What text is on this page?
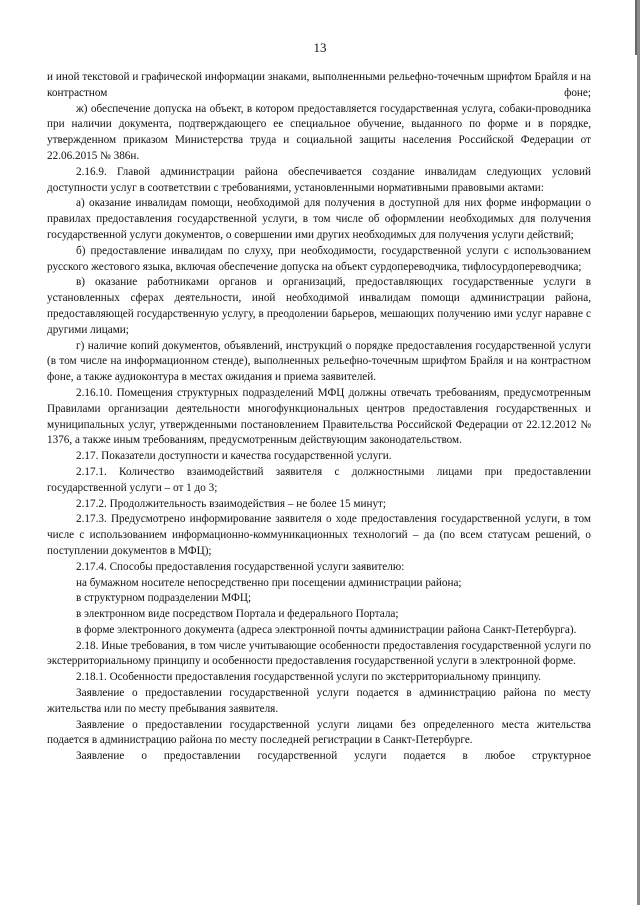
13

и иной текстовой и графической информации знаками, выполненными рельефно-точечным шрифтом Брайля и на контрастном фоне;

ж) обеспечение допуска на объект, в котором предоставляется государственная услуга, собаки-проводника при наличии документа, подтверждающего ее специальное обучение, выданного по форме и в порядке, утвержденном приказом Министерства труда и социальной защиты населения Российской Федерации от 22.06.2015 № 386н.

2.16.9. Главой администрации района обеспечивается создание инвалидам следующих условий доступности услуг в соответствии с требованиями, установленными нормативными правовыми актами:

а) оказание инвалидам помощи, необходимой для получения в доступной для них форме информации о правилах предоставления государственной услуги, в том числе об оформлении необходимых для получения государственной услуги документов, о совершении ими других необходимых для получения услуги действий;

б) предоставление инвалидам по слуху, при необходимости, государственной услуги с использованием русского жестового языка, включая обеспечение допуска на объект сурдопереводчика, тифлосурдопереводчика;

в) оказание работниками органов и организаций, предоставляющих государственные услуги в установленных сферах деятельности, иной необходимой инвалидам помощи администрации района, предоставляющей государственную услугу, в преодолении барьеров, мешающих получению ими услуг наравне с другими лицами;

г) наличие копий документов, объявлений, инструкций о порядке предоставления государственной услуги (в том числе на информационном стенде), выполненных рельефно-точечным шрифтом Брайля и на контрастном фоне, а также аудиоконтура в местах ожидания и приема заявителей.

2.16.10. Помещения структурных подразделений МФЦ должны отвечать требованиям, предусмотренным Правилами организации деятельности многофункциональных центров предоставления государственных и муниципальных услуг, утвержденными постановлением Правительства Российской Федерации от 22.12.2012 № 1376, а также иным требованиям, предусмотренным действующим законодательством.

2.17. Показатели доступности и качества государственной услуги.

2.17.1. Количество взаимодействий заявителя с должностными лицами при предоставлении государственной услуги – от 1 до 3;

2.17.2. Продолжительность взаимодействия – не более 15 минут;

2.17.3. Предусмотрено информирование заявителя о ходе предоставления государственной услуги, в том числе с использованием информационно-коммуникационных технологий – да (по всем статусам решений, о поступлении документов в МФЦ);

2.17.4. Способы предоставления государственной услуги заявителю:

на бумажном носителе непосредственно при посещении администрации района;

в структурном подразделении МФЦ;

в электронном виде посредством Портала и федерального Портала;

в форме электронного документа (адреса электронной почты администрации района Санкт-Петербурга).

2.18. Иные требования, в том числе учитывающие особенности предоставления государственной услуги по экстерриториальному принципу и особенности предоставления государственной услуги в электронной форме.

2.18.1. Особенности предоставления государственной услуги по экстерриториальному принципу.

Заявление о предоставлении государственной услуги подается в администрацию района по месту жительства или по месту пребывания заявителя.

Заявление о предоставлении государственной услуги лицами без определенного места жительства подается в администрацию района по месту последней регистрации в Санкт-Петербурге.

Заявление о предоставлении государственной услуги подается в любое структурное
